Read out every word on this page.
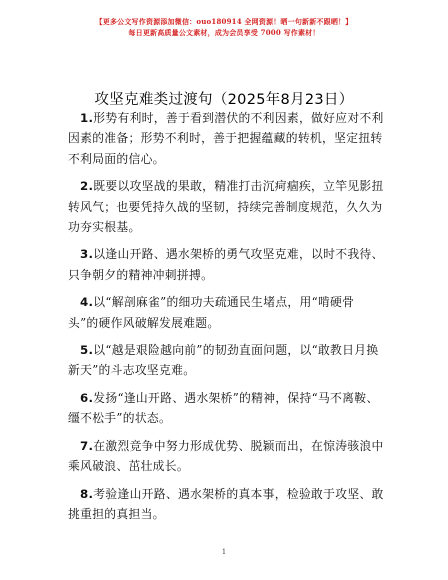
【更多公文写作资源添加微信：ouo180914 全网资源！晒一句新新不跟晒！】
每日更新高质量公文素材，成为会员享受 7000 写作素材！
攻坚克难类过渡句（2025年8月23日）

1.形势有利时，善于看到潜伏的不利因素，做好应对不利因素的准备；形势不利时，善于把握蕴藏的转机，坚定扭转不利局面的信心。

2.既要以攻坚战的果敢，精准打击沉疴痼疾，立竿见影扭转风气；也要凭持久战的坚韧，持续完善制度规范，久久为功夯实根基。

3.以逢山开路、遇水架桥的勇气攻坚克难，以时不我待、只争朝夕的精神冲刺拼搏。

4.以“解剖麻雀”的细功夫疏通民生堵点，用“啃硬骨头”的硬作风破解发展难题。

5.以“越是艰险越向前”的韧劲直面问题，以“敢教日月换新天”的斗志攻坚克难。

6.发扬“逢山开路、遇水架桥”的精神，保持“马不离鞍、缰不松手”的状态。

7.在激烈竞争中努力形成优势、脱颖而出，在惊涛骇浪中乘风破浪、茁壮成长。

8.考验逢山开路、遇水架桥的真本事，检验敢于攻坚、敢挑重担的真担当。

1
